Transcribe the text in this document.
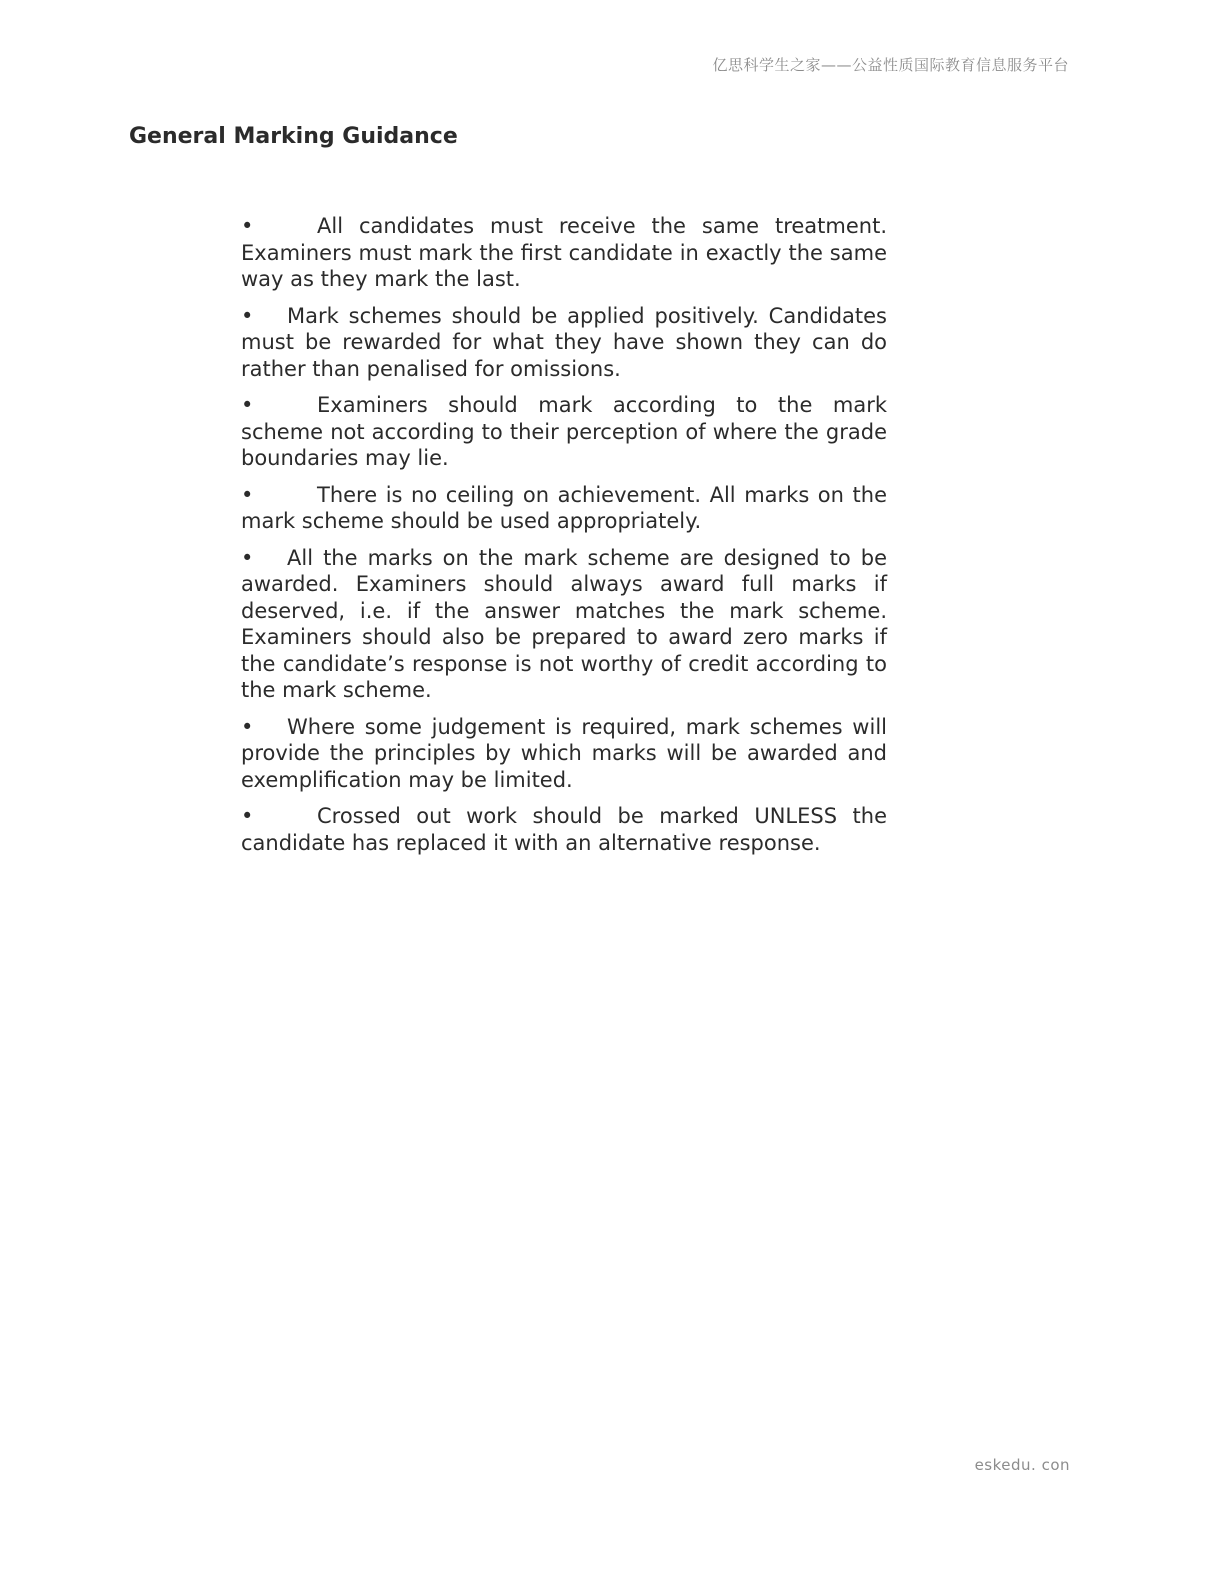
亿思科学生之家——公益性质国际教育信息服务平台
General Marking Guidance
•	All candidates must receive the same treatment. Examiners must mark the first candidate in exactly the same way as they mark the last.
• Mark schemes should be applied positively. Candidates must be rewarded for what they have shown they can do rather than penalised for omissions.
•	Examiners should mark according to the mark scheme not according to their perception of where the grade boundaries may lie.
•	There is no ceiling on achievement. All marks on the mark scheme should be used appropriately.
• All the marks on the mark scheme are designed to be awarded. Examiners should always award full marks if deserved, i.e. if the answer matches the mark scheme. Examiners should also be prepared to award zero marks if the candidate’s response is not worthy of credit according to the mark scheme.
• Where some judgement is required, mark schemes will provide the principles by which marks will be awarded and exemplification may be limited.
•	Crossed out work should be marked UNLESS the candidate has replaced it with an alternative response.
eskedu. con
